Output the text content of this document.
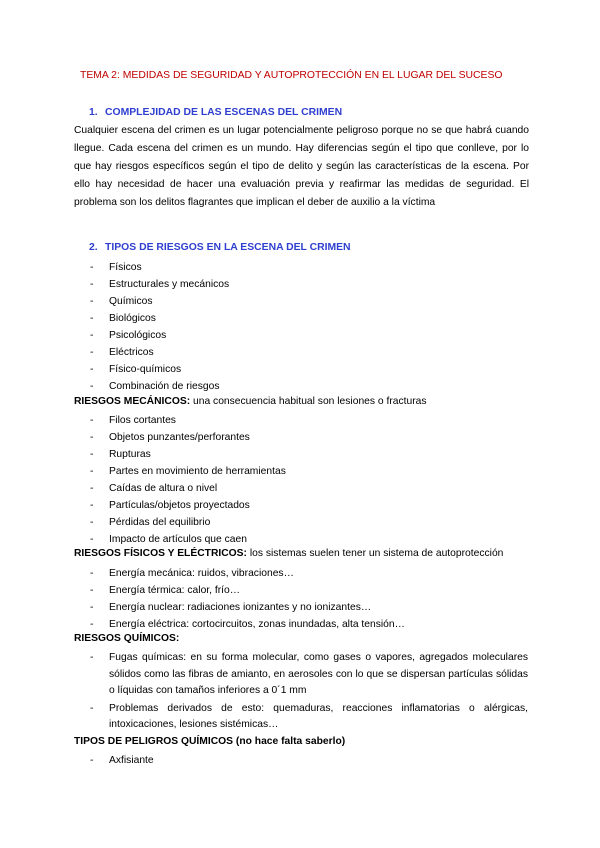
TEMA 2: MEDIDAS DE SEGURIDAD Y AUTOPROTECCIÓN EN EL LUGAR DEL SUCESO
1. COMPLEJIDAD DE LAS ESCENAS DEL CRIMEN
Cualquier escena del crimen es un lugar potencialmente peligroso porque no se que habrá cuando llegue. Cada escena del crimen es un mundo. Hay diferencias según el tipo que conlleve, por lo que hay riesgos específicos según el tipo de delito y según las características de la escena. Por ello hay necesidad de hacer una evaluación previa y reafirmar las medidas de seguridad. El problema son los delitos flagrantes que implican el deber de auxilio a la víctima
2. TIPOS DE RIESGOS EN LA ESCENA DEL CRIMEN
- Físicos
- Estructurales y mecánicos
- Químicos
- Biológicos
- Psicológicos
- Eléctricos
- Físico-químicos
- Combinación de riesgos
RIESGOS MECÁNICOS: una consecuencia habitual son lesiones o fracturas
- Filos cortantes
- Objetos punzantes/perforantes
- Rupturas
- Partes en movimiento de herramientas
- Caídas de altura o nivel
- Partículas/objetos proyectados
- Pérdidas del equilibrio
- Impacto de artículos que caen
RIESGOS FÍSICOS Y ELÉCTRICOS: los sistemas suelen tener un sistema de autoprotección
- Energía mecánica: ruidos, vibraciones…
- Energía térmica: calor, frío…
- Energía nuclear: radiaciones ionizantes y no ionizantes…
- Energía eléctrica: cortocircuitos, zonas inundadas, alta tensión…
RIESGOS QUÍMICOS:
- Fugas químicas: en su forma molecular, como gases o vapores, agregados moleculares sólidos como las fibras de amianto, en aerosoles con lo que se dispersan partículas sólidas o líquidas con tamaños inferiores a 0´1 mm
- Problemas derivados de esto: quemaduras, reacciones inflamatorias o alérgicas, intoxicaciones, lesiones sistémicas…
TIPOS DE PELIGROS QUÍMICOS (no hace falta saberlo)
- Axfisiante
